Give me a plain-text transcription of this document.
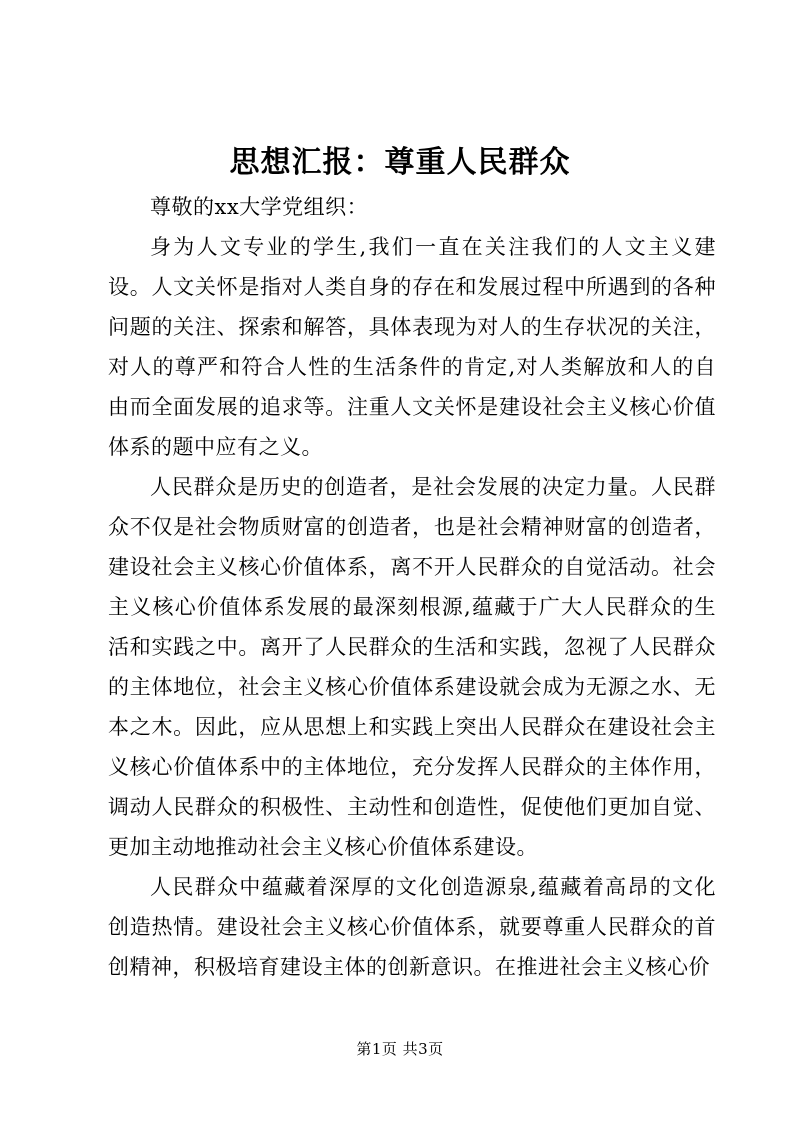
思想汇报：尊重人民群众

尊敬的xx大学党组织：

身为人文专业的学生,我们一直在关注我们的人文主义建设。人文关怀是指对人类自身的存在和发展过程中所遇到的各种问题的关注、探索和解答，具体表现为对人的生存状况的关注，对人的尊严和符合人性的生活条件的肯定,对人类解放和人的自由而全面发展的追求等。注重人文关怀是建设社会主义核心价值体系的题中应有之义。

人民群众是历史的创造者，是社会发展的决定力量。人民群众不仅是社会物质财富的创造者，也是社会精神财富的创造者，建设社会主义核心价值体系，离不开人民群众的自觉活动。社会主义核心价值体系发展的最深刻根源,蕴藏于广大人民群众的生活和实践之中。离开了人民群众的生活和实践，忽视了人民群众的主体地位，社会主义核心价值体系建设就会成为无源之水、无本之木。因此，应从思想上和实践上突出人民群众在建设社会主义核心价值体系中的主体地位，充分发挥人民群众的主体作用，调动人民群众的积极性、主动性和创造性，促使他们更加自觉、更加主动地推动社会主义核心价值体系建设。

人民群众中蕴藏着深厚的文化创造源泉,蕴藏着高昂的文化创造热情。建设社会主义核心价值体系，就要尊重人民群众的首创精神，积极培育建设主体的创新意识。在推进社会主义核心价

第1页 共3页
